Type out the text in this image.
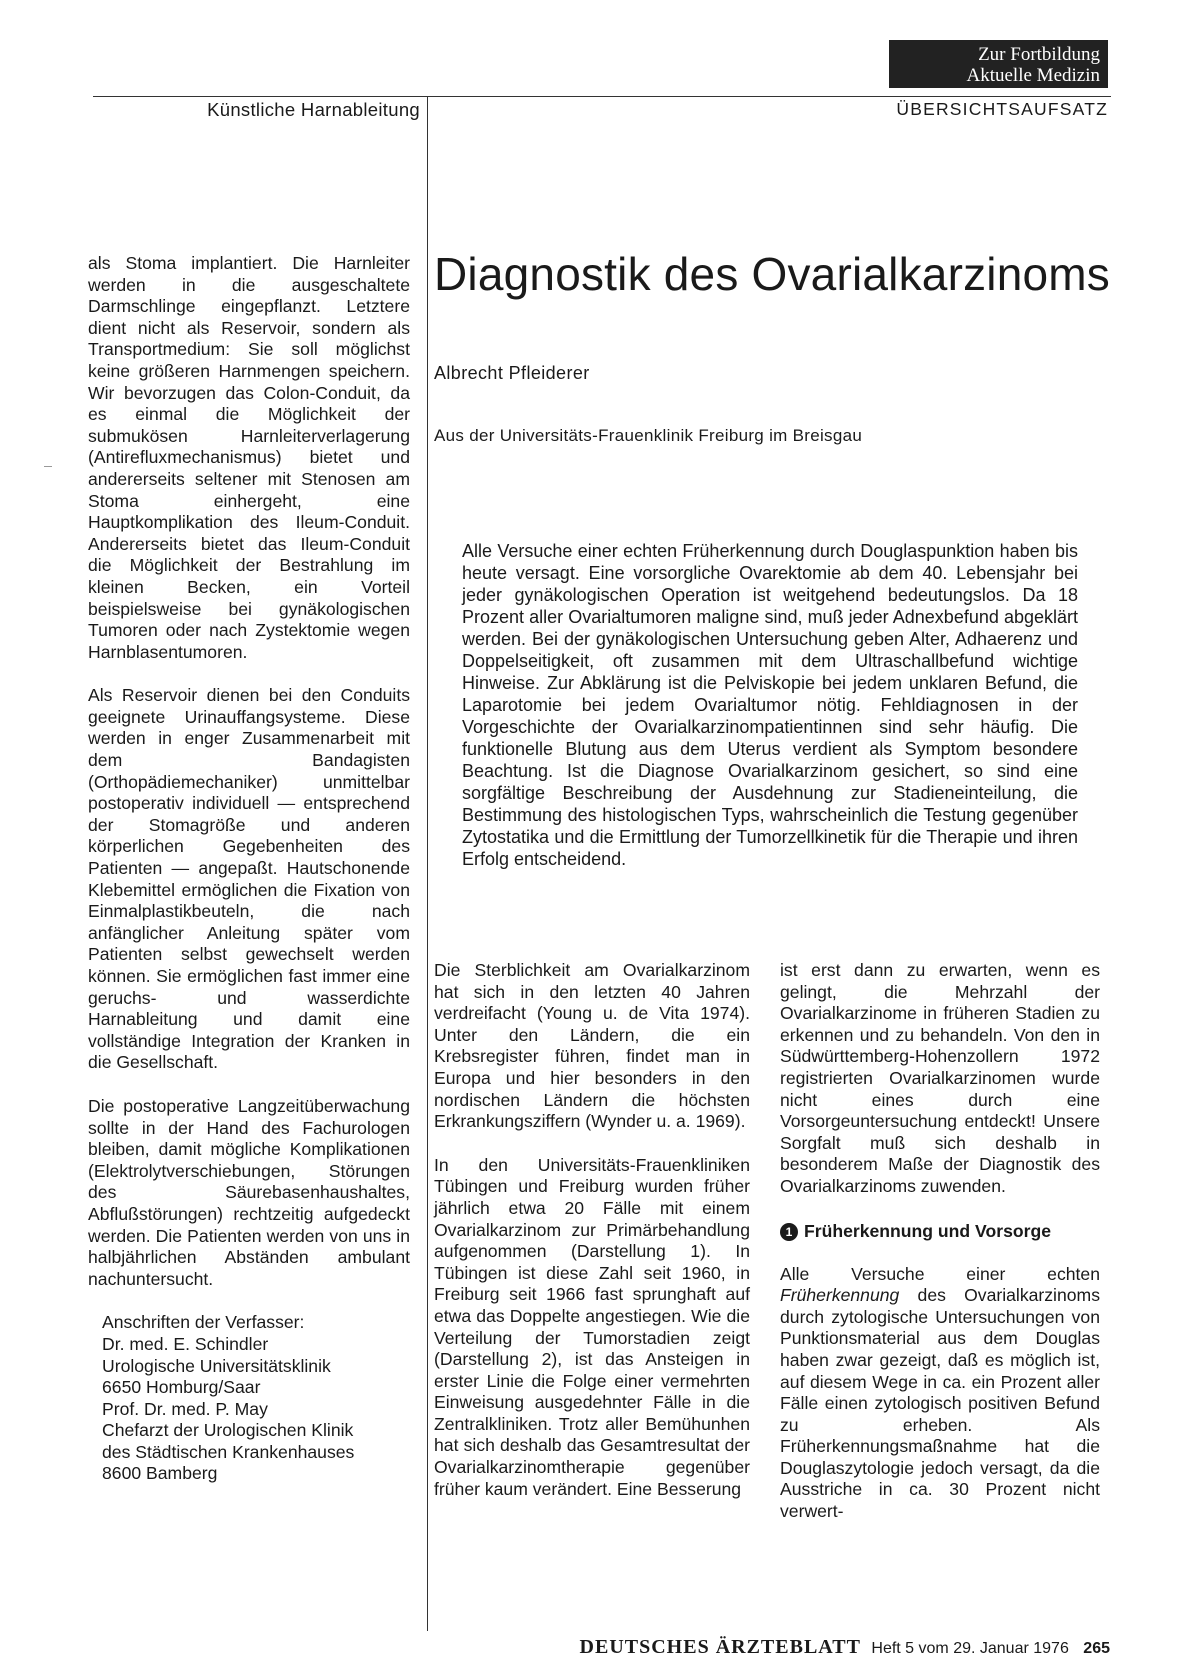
Zur Fortbildung
Aktuelle Medizin
Künstliche Harnableitung	ÜBERSICHTSAUFSATZ

als Stoma implantiert. Die Harnleiter werden in die ausgeschaltete Darmschlinge eingepflanzt. Letztere dient nicht als Reservoir, sondern als Transportmedium: Sie soll möglichst keine größeren Harnmengen speichern. Wir bevorzugen das Colon-Conduit, da es einmal die Möglichkeit der submukösen Harnleiterverlagerung (Antirefluxmechanismus) bietet und andererseits seltener mit Stenosen am Stoma einhergeht, eine Hauptkomplikation des Ileum-Conduit. Andererseits bietet das Ileum-Conduit die Möglichkeit der Bestrahlung im kleinen Becken, ein Vorteil beispielsweise bei gynäkologischen Tumoren oder nach Zystektomie wegen Harnblasentumoren.

Als Reservoir dienen bei den Conduits geeignete Urinauffangsysteme. Diese werden in enger Zusammenarbeit mit dem Bandagisten (Orthopädiemechaniker) unmittelbar postoperativ individuell — entsprechend der Stomagröße und anderen körperlichen Gegebenheiten des Patienten — angepaßt. Hautschonende Klebemittel ermöglichen die Fixation von Einmalplastikbeuteln, die nach anfänglicher Anleitung später vom Patienten selbst gewechselt werden können. Sie ermöglichen fast immer eine geruchs- und wasserdichte Harnableitung und damit eine vollständige Integration der Kranken in die Gesellschaft.

Die postoperative Langzeitüberwachung sollte in der Hand des Fachurologen bleiben, damit mögliche Komplikationen (Elektrolytverschiebungen, Störungen des Säurebasenhaushaltes, Abflußstörungen) rechtzeitig aufgedeckt werden. Die Patienten werden von uns in halbjährlichen Abständen ambulant nachuntersucht.

Anschriften der Verfasser:
Dr. med. E. Schindler
Urologische Universitätsklinik
6650 Homburg/Saar
Prof. Dr. med. P. May
Chefarzt der Urologischen Klinik
des Städtischen Krankenhauses
8600 Bamberg
Diagnostik des Ovarialkarzinoms
Albrecht Pfleiderer
Aus der Universitäts-Frauenklinik Freiburg im Breisgau

Alle Versuche einer echten Früherkennung durch Douglaspunktion haben bis heute versagt. Eine vorsorgliche Ovarektomie ab dem 40. Lebensjahr bei jeder gynäkologischen Operation ist weitgehend bedeutungslos. Da 18 Prozent aller Ovarialtumoren maligne sind, muß jeder Adnexbefund abgeklärt werden. Bei der gynäkologischen Untersuchung geben Alter, Adhaerenz und Doppelseitigkeit, oft zusammen mit dem Ultraschallbefund wichtige Hinweise. Zur Abklärung ist die Pelviskopie bei jedem unklaren Befund, die Laparotomie bei jedem Ovarialtumor nötig. Fehldiagnosen in der Vorgeschichte der Ovarialkarzinompatientinnen sind sehr häufig. Die funktionelle Blutung aus dem Uterus verdient als Symptom besondere Beachtung. Ist die Diagnose Ovarialkarzinom gesichert, so sind eine sorgfältige Beschreibung der Ausdehnung zur Stadieneinteilung, die Bestimmung des histologischen Typs, wahrscheinlich die Testung gegenüber Zytostatika und die Ermittlung der Tumorzellkinetik für die Therapie und ihren Erfolg entscheidend.

Die Sterblichkeit am Ovarialkarzinom hat sich in den letzten 40 Jahren verdreifacht (Young u. de Vita 1974). Unter den Ländern, die ein Krebsregister führen, findet man in Europa und hier besonders in den nordischen Ländern die höchsten Erkrankungsziffern (Wynder u. a. 1969).

In den Universitäts-Frauenkliniken Tübingen und Freiburg wurden früher jährlich etwa 20 Fälle mit einem Ovarialkarzinom zur Primärbehandlung aufgenommen (Darstellung 1). In Tübingen ist diese Zahl seit 1960, in Freiburg seit 1966 fast sprunghaft auf etwa das Doppelte angestiegen. Wie die Verteilung der Tumorstadien zeigt (Darstellung 2), ist das Ansteigen in erster Linie die Folge einer vermehrten Einweisung ausgedehnter Fälle in die Zentralkliniken. Trotz aller Bemühunhen hat sich deshalb das Gesamtresultat der Ovarialkarzinomtherapie gegenüber früher kaum verändert. Eine Besserung

ist erst dann zu erwarten, wenn es gelingt, die Mehrzahl der Ovarialkarzinome in früheren Stadien zu erkennen und zu behandeln. Von den in Südwürttemberg-Hohenzollern 1972 registrierten Ovarialkarzinomen wurde nicht eines durch eine Vorsorgeuntersuchung entdeckt! Unsere Sorgfalt muß sich deshalb in besonderem Maße der Diagnostik des Ovarialkarzinoms zuwenden.

1 Früherkennung und Vorsorge

Alle Versuche einer echten Früherkennung des Ovarialkarzinoms durch zytologische Untersuchungen von Punktionsmaterial aus dem Douglas haben zwar gezeigt, daß es möglich ist, auf diesem Wege in ca. ein Prozent aller Fälle einen zytologisch positiven Befund zu erheben. Als Früherkennungsmaßnahme hat die Douglaszytologie jedoch versagt, da die Ausstriche in ca. 30 Prozent nicht verwert-

DEUTSCHES ÄRZTEBLATT Heft 5 vom 29. Januar 1976 265
